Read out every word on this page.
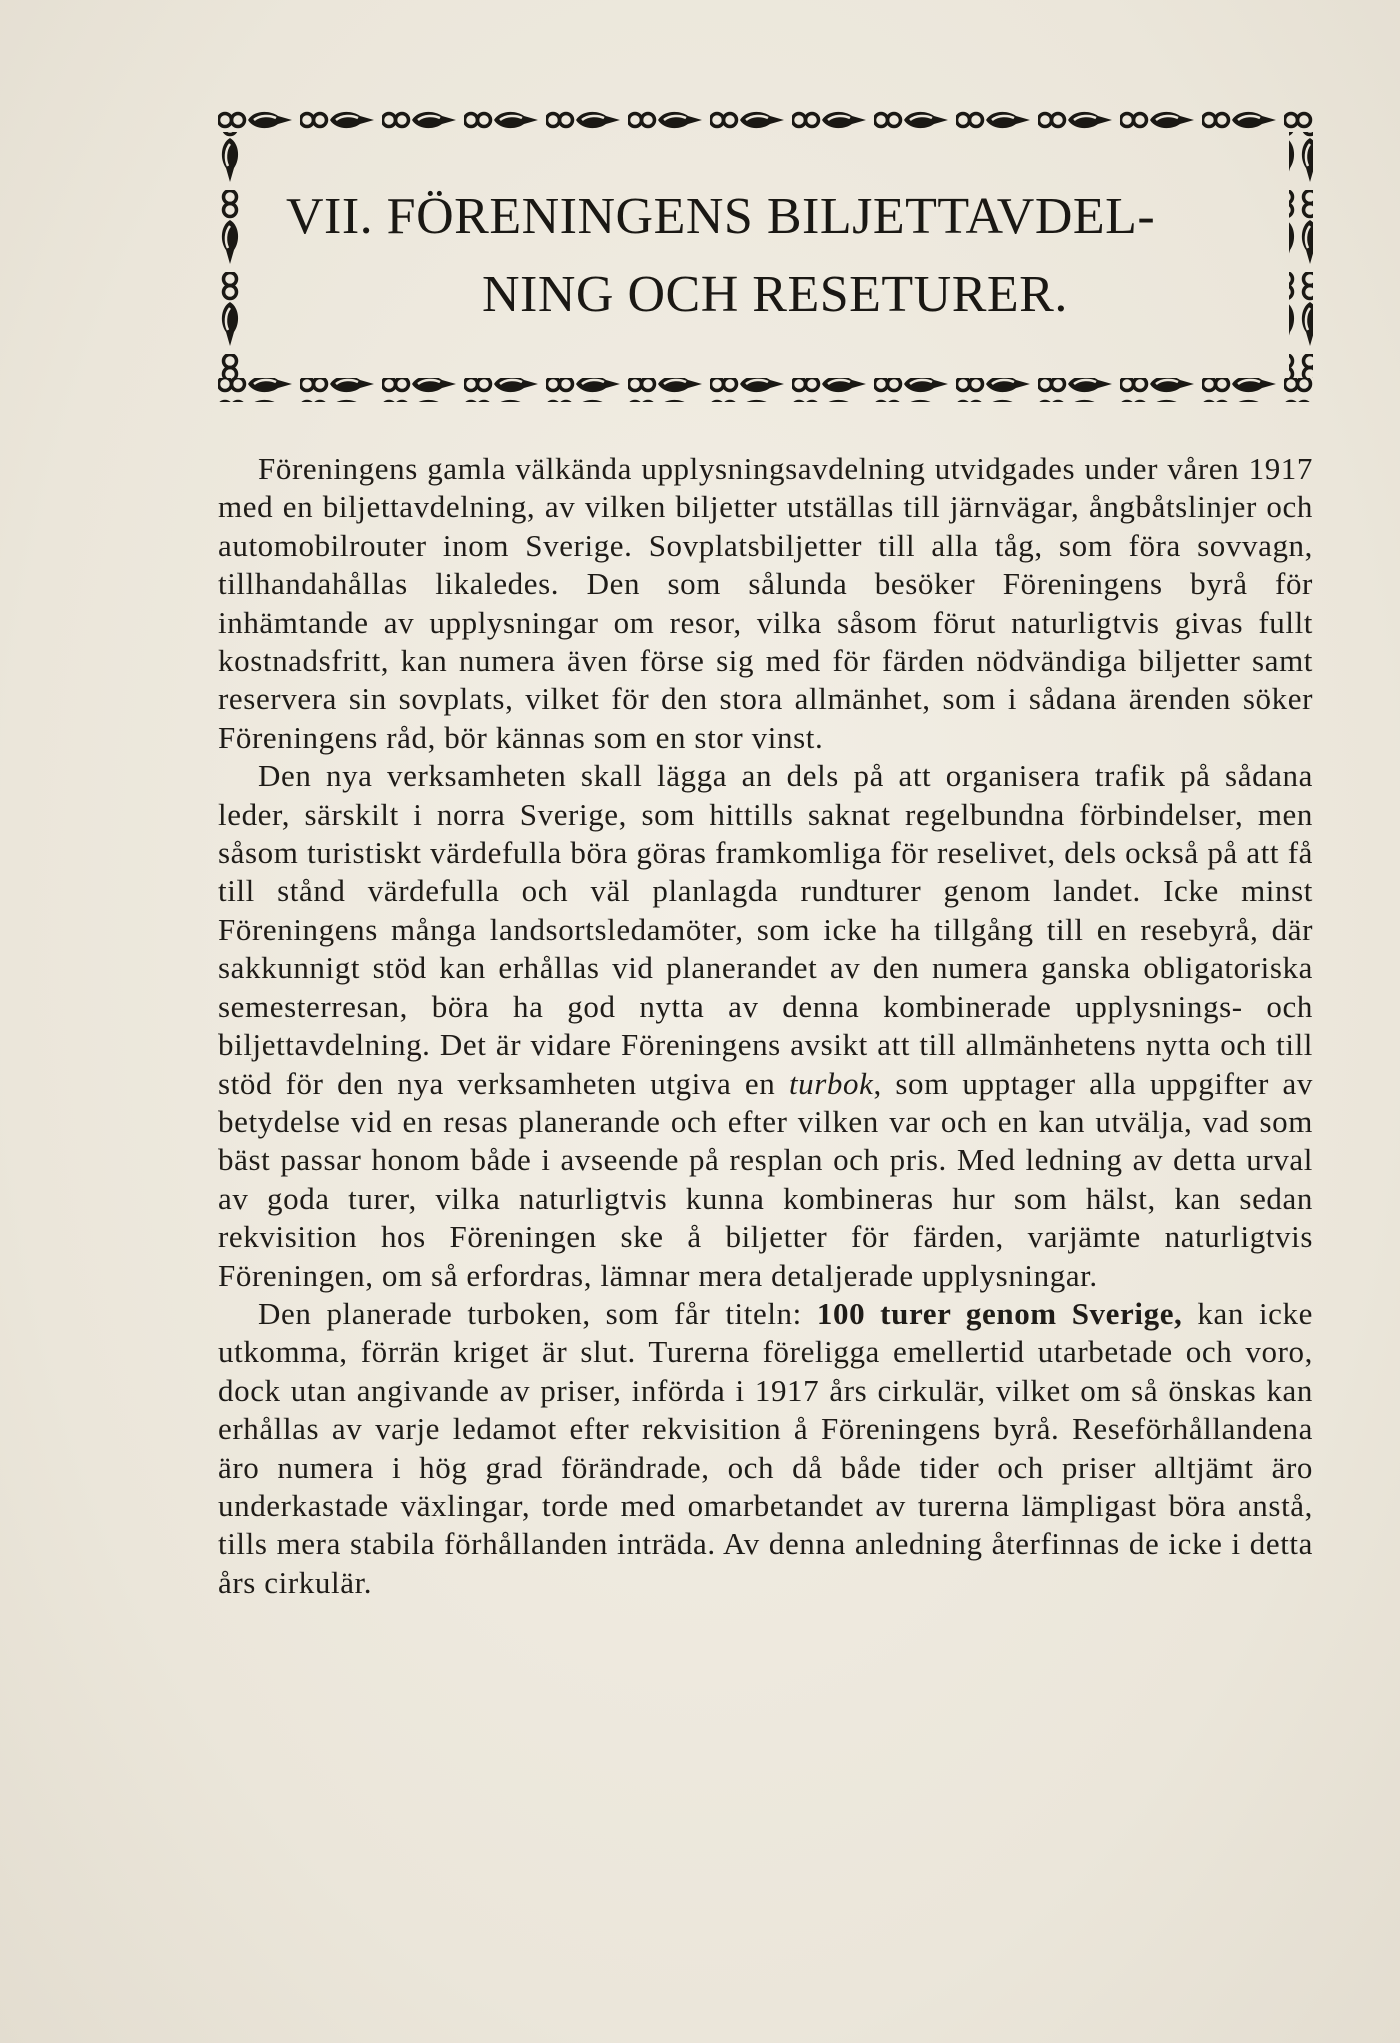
VII. FÖRENINGENS BILJETTAVDEL-
NING OCH RESETURER.

Föreningens gamla välkända upplysningsavdelning utvidgades under våren 1917 med en biljettavdelning, av vilken biljetter utställas till järnvägar, ångbåtslinjer och automobilrouter inom Sverige. Sovplatsbiljetter till alla tåg, som föra sovvagn, tillhandahållas likaledes. Den som sålunda besöker Föreningens byrå för inhämtande av upplysningar om resor, vilka såsom förut naturligtvis givas fullt kostnadsfritt, kan numera även förse sig med för färden nödvändiga biljetter samt reservera sin sovplats, vilket för den stora allmänhet, som i sådana ärenden söker Föreningens råd, bör kännas som en stor vinst.

Den nya verksamheten skall lägga an dels på att organisera trafik på sådana leder, särskilt i norra Sverige, som hittills saknat regelbundna förbindelser, men såsom turistiskt värdefulla böra göras framkomliga för reselivet, dels också på att få till stånd värdefulla och väl planlagda rundturer genom landet. Icke minst Föreningens många landsortsledamöter, som icke ha tillgång till en resebyrå, där sakkunnigt stöd kan erhållas vid planerandet av den numera ganska obligatoriska semesterresan, böra ha god nytta av denna kombinerade upplysnings- och biljettavdelning. Det är vidare Föreningens avsikt att till allmänhetens nytta och till stöd för den nya verksamheten utgiva en turbok, som upptager alla uppgifter av betydelse vid en resas planerande och efter vilken var och en kan utvälja, vad som bäst passar honom både i avseende på resplan och pris. Med ledning av detta urval av goda turer, vilka naturligtvis kunna kombineras hur som hälst, kan sedan rekvisition hos Föreningen ske å biljetter för färden, varjämte naturligtvis Föreningen, om så erfordras, lämnar mera detaljerade upplysningar.

Den planerade turboken, som får titeln: 100 turer genom Sverige, kan icke utkomma, förrän kriget är slut. Turerna föreligga emellertid utarbetade och voro, dock utan angivande av priser, införda i 1917 års cirkulär, vilket om så önskas kan erhållas av varje ledamot efter rekvisition å Föreningens byrå. Reseförhållandena äro numera i hög grad förändrade, och då både tider och priser alltjämt äro underkastade växlingar, torde med omarbetandet av turerna lämpligast böra anstå, tills mera stabila förhållanden inträda. Av denna anledning återfinnas de icke i detta års cirkulär.
